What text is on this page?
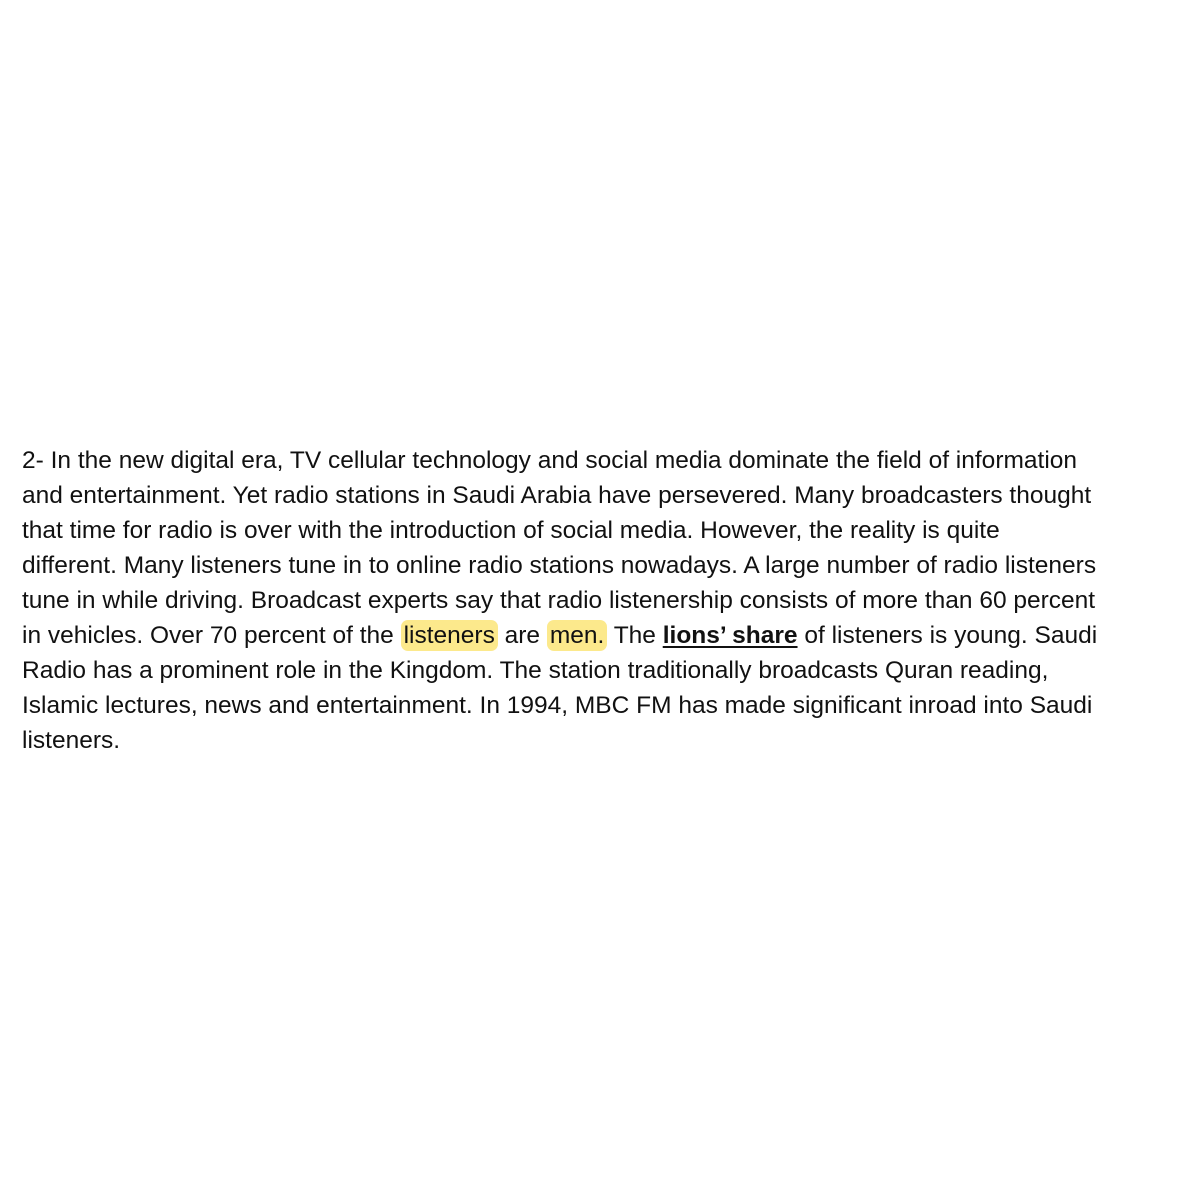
2- In the new digital era, TV cellular technology and social media dominate the field of information
and entertainment. Yet radio stations in Saudi Arabia have persevered. Many broadcasters thought
that time for radio is over with the introduction of social media. However, the reality is quite
different. Many listeners tune in to online radio stations nowadays. A large number of radio listeners
tune in while driving. Broadcast experts say that radio listenership consists of more than 60 percent
in vehicles. Over 70 percent of the listeners are men. The lions’ share of listeners is young. Saudi
Radio has a prominent role in the Kingdom. The station traditionally broadcasts Quran reading,
Islamic lectures, news and entertainment. In 1994, MBC FM has made significant inroad into Saudi
listeners.
